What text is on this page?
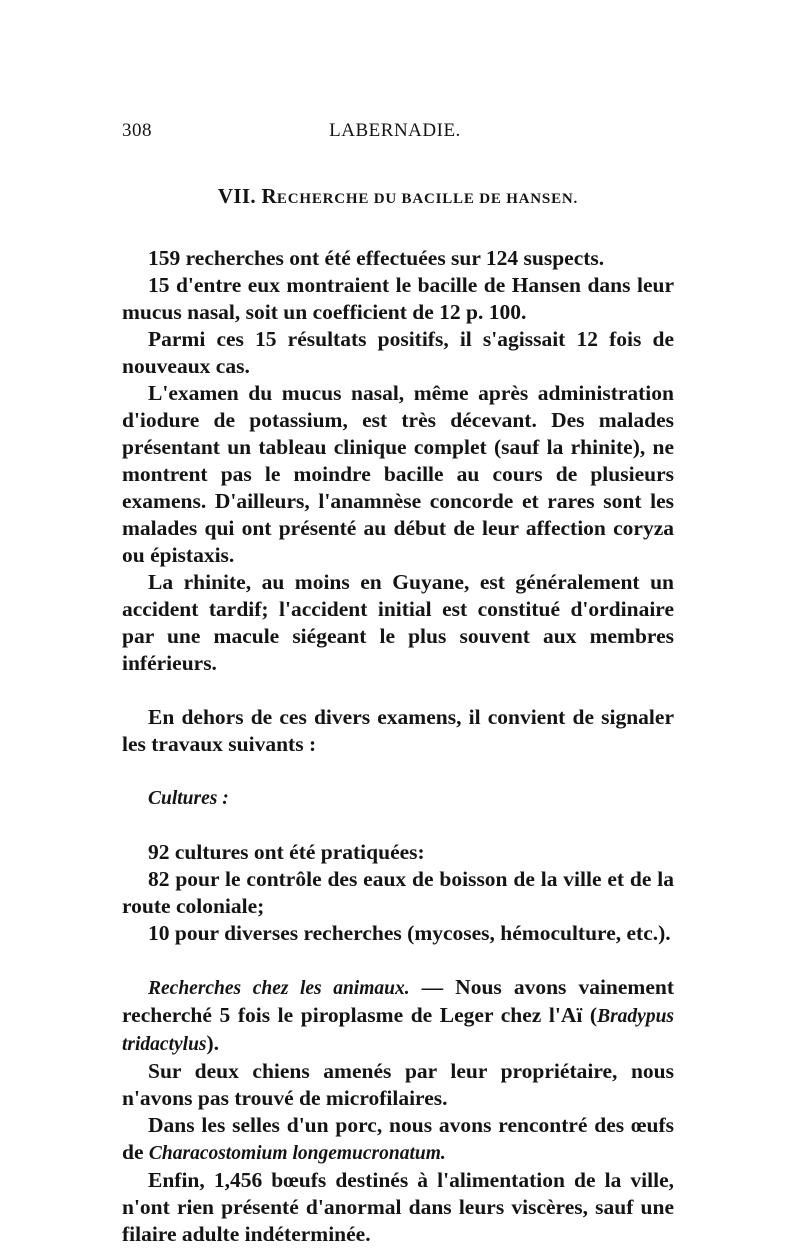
308	LABERNADIE.
VII. RECHERCHE DU BACILLE DE HANSEN.

159 recherches ont été effectuées sur 124 suspects.

15 d'entre eux montraient le bacille de Hansen dans leur mucus nasal, soit un coefficient de 12 p. 100.

Parmi ces 15 résultats positifs, il s'agissait 12 fois de nouveaux cas.

L'examen du mucus nasal, même après administration d'iodure de potassium, est très décevant. Des malades présentant un tableau clinique complet (sauf la rhinite), ne montrent pas le moindre bacille au cours de plusieurs examens. D'ailleurs, l'anamnèse concorde et rares sont les malades qui ont présenté au début de leur affection coryza ou épistaxis.

La rhinite, au moins en Guyane, est généralement un accident tardif; l'accident initial est constitué d'ordinaire par une macule siégeant le plus souvent aux membres inférieurs.

En dehors de ces divers examens, il convient de signaler les travaux suivants :

Cultures :

92 cultures ont été pratiquées:

82 pour le contrôle des eaux de boisson de la ville et de la route coloniale;

10 pour diverses recherches (mycoses, hémoculture, etc.).

Recherches chez les animaux. — Nous avons vainement recherché 5 fois le piroplasme de Leger chez l'Aï (Bradypus tridactylus).

Sur deux chiens amenés par leur propriétaire, nous n'avons pas trouvé de microfilaires.

Dans les selles d'un porc, nous avons rencontré des œufs de Characostomium longemucronatum.

Enfin, 1,456 bœufs destinés à l'alimentation de la ville, n'ont rien présenté d'anormal dans leurs viscères, sauf une filaire adulte indéterminée.
